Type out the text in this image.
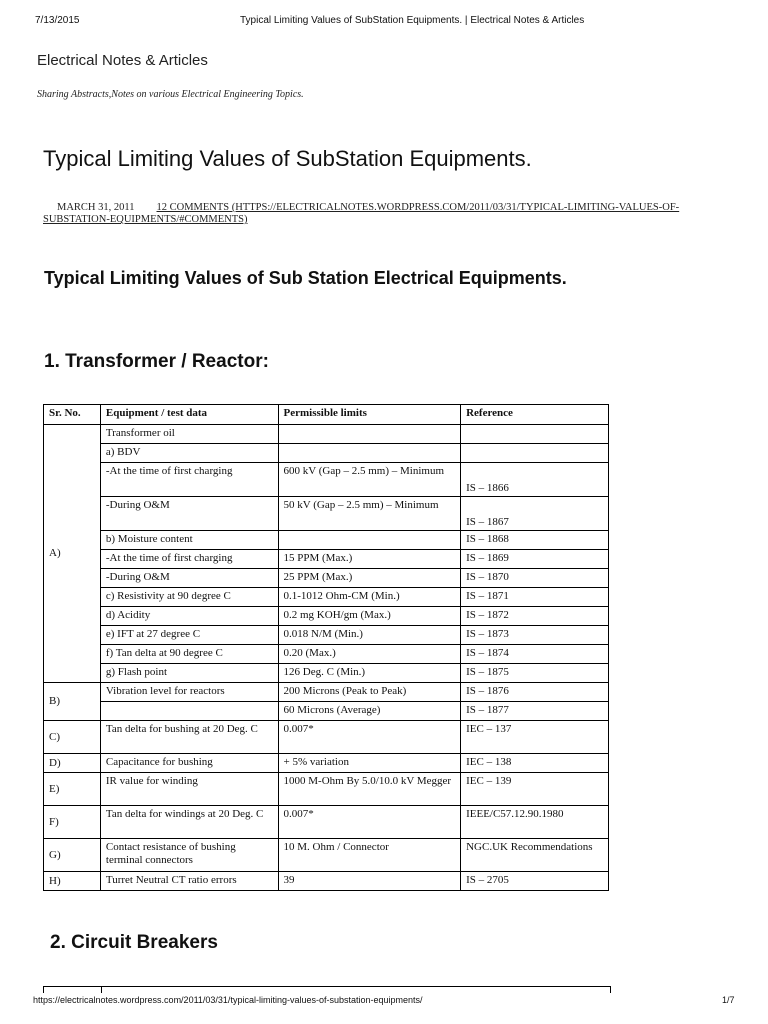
7/13/2015	Typical Limiting Values of SubStation Equipments. | Electrical Notes & Articles
Electrical Notes & Articles
Sharing Abstracts,Notes on various Electrical Engineering Topics.
Typical Limiting Values of SubStation Equipments.
MARCH 31, 2011 12 COMMENTS (HTTPS://ELECTRICALNOTES.WORDPRESS.COM/2011/03/31/TYPICAL-LIMITING-VALUES-OF-SUBSTATION-EQUIPMENTS/#COMMENTS)
Typical Limiting Values of Sub Station Electrical Equipments.
1. Transformer / Reactor:
Sr. No.	Equipment / test data	Permissible limits	Reference
A)	Transformer oil		
	a) BDV		
	-At the time of first charging	600 kV (Gap – 2.5 mm) – Minimum	IS – 1866
	-During O&M	50 kV (Gap – 2.5 mm) – Minimum	IS – 1867
	b) Moisture content		IS – 1868
	-At the time of first charging	15 PPM (Max.)	IS – 1869
	-During O&M	25 PPM (Max.)	IS – 1870
	c) Resistivity at 90 degree C	0.1-1012 Ohm-CM (Min.)	IS – 1871
	d) Acidity	0.2 mg KOH/gm (Max.)	IS – 1872
	e) IFT at 27 degree C	0.018 N/M (Min.)	IS – 1873
	f) Tan delta at 90 degree C	0.20 (Max.)	IS – 1874
	g) Flash point	126 Deg. C (Min.)	IS – 1875
B)	Vibration level for reactors	200 Microns (Peak to Peak)	IS – 1876
		60 Microns (Average)	IS – 1877
C)	Tan delta for bushing at 20 Deg. C	0.007*	IEC – 137
D)	Capacitance for bushing	+ 5% variation	IEC – 138
E)	IR value for winding	1000 M-Ohm By 5.0/10.0 kV Megger	IEC – 139
F)	Tan delta for windings at 20 Deg. C	0.007*	IEEE/C57.12.90.1980
G)	Contact resistance of bushing terminal connectors	10 M. Ohm / Connector	NGC.UK Recommendations
H)	Turret Neutral CT ratio errors	39	IS – 2705
2. Circuit Breakers
https://electricalnotes.wordpress.com/2011/03/31/typical-limiting-values-of-substation-equipments/	1/7
